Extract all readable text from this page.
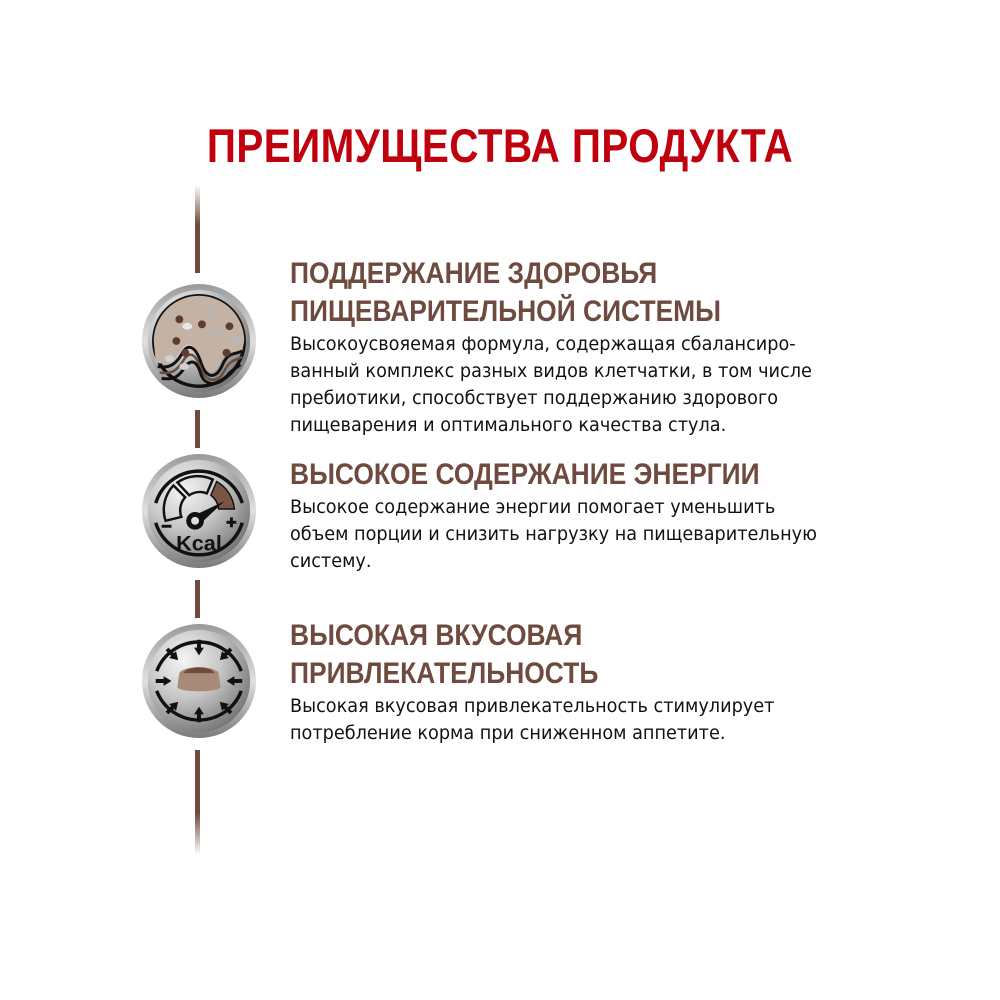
ПРЕИМУЩЕСТВА ПРОДУКТА
Kcal
ПОДДЕРЖАНИЕ ЗДОРОВЬЯ
ПИЩЕВАРИТЕЛЬНОЙ СИСТЕМЫ
Высокоусвояемая формула, содержащая сбалансиро-
ванный комплекс разных видов клетчатки, в том числе
пребиотики, способствует поддержанию здорового
пищеварения и оптимального качества стула.
ВЫСОКОЕ СОДЕРЖАНИЕ ЭНЕРГИИ
Высокое содержание энергии помогает уменьшить
объем порции и снизить нагрузку на пищеварительную
систему.
ВЫСОКАЯ ВКУСОВАЯ
ПРИВЛЕКАТЕЛЬНОСТЬ
Высокая вкусовая привлекательность стимулирует
потребление корма при сниженном аппетите.
